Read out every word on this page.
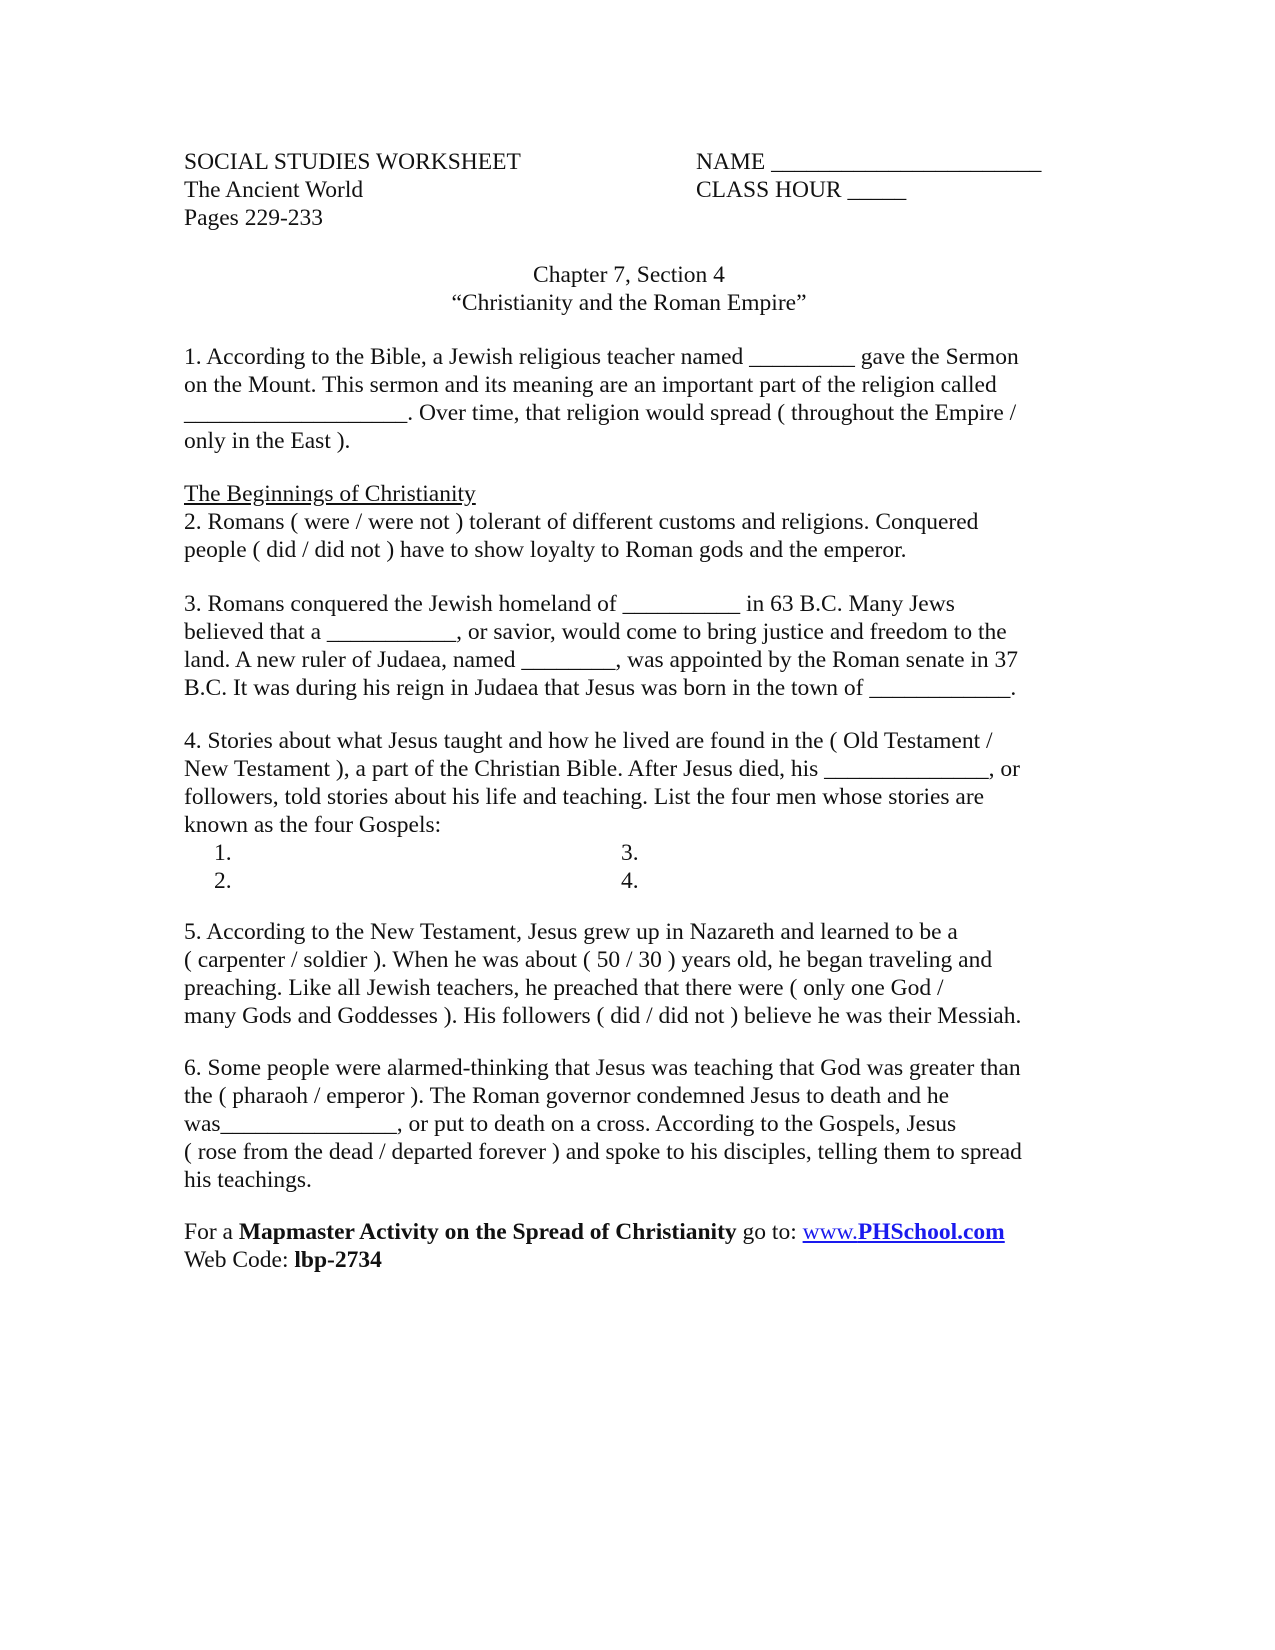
SOCIAL STUDIES WORKSHEET
The Ancient World
Pages 229-233
NAME _______________________
CLASS HOUR _____
Chapter 7, Section 4
“Christianity and the Roman Empire”
1. According to the Bible, a Jewish religious teacher named _________ gave the Sermon
on the Mount. This sermon and its meaning are an important part of the religion called
___________________. Over time, that religion would spread ( throughout the Empire /
only in the East ).
The Beginnings of Christianity
2. Romans ( were / were not ) tolerant of different customs and religions. Conquered
people ( did / did not ) have to show loyalty to Roman gods and the emperor.
3. Romans conquered the Jewish homeland of __________ in 63 B.C. Many Jews
believed that a ___________, or savior, would come to bring justice and freedom to the
land. A new ruler of Judaea, named ________, was appointed by the Roman senate in 37
B.C. It was during his reign in Judaea that Jesus was born in the town of ____________.
4. Stories about what Jesus taught and how he lived are found in the ( Old Testament /
New Testament ), a part of the Christian Bible. After Jesus died, his ______________, or
followers, told stories about his life and teaching. List the four men whose stories are
known as the four Gospels:
1.	3.
2.	4.
5. According to the New Testament, Jesus grew up in Nazareth and learned to be a
( carpenter / soldier ). When he was about ( 50 / 30 ) years old, he began traveling and
preaching. Like all Jewish teachers, he preached that there were ( only one God /
many Gods and Goddesses ). His followers ( did / did not ) believe he was their Messiah.
6. Some people were alarmed-thinking that Jesus was teaching that God was greater than
the ( pharaoh / emperor ). The Roman governor condemned Jesus to death and he
was_______________, or put to death on a cross. According to the Gospels, Jesus
( rose from the dead / departed forever ) and spoke to his disciples, telling them to spread
his teachings.
For a Mapmaster Activity on the Spread of Christianity go to: www.PHSchool.com
Web Code: lbp-2734
